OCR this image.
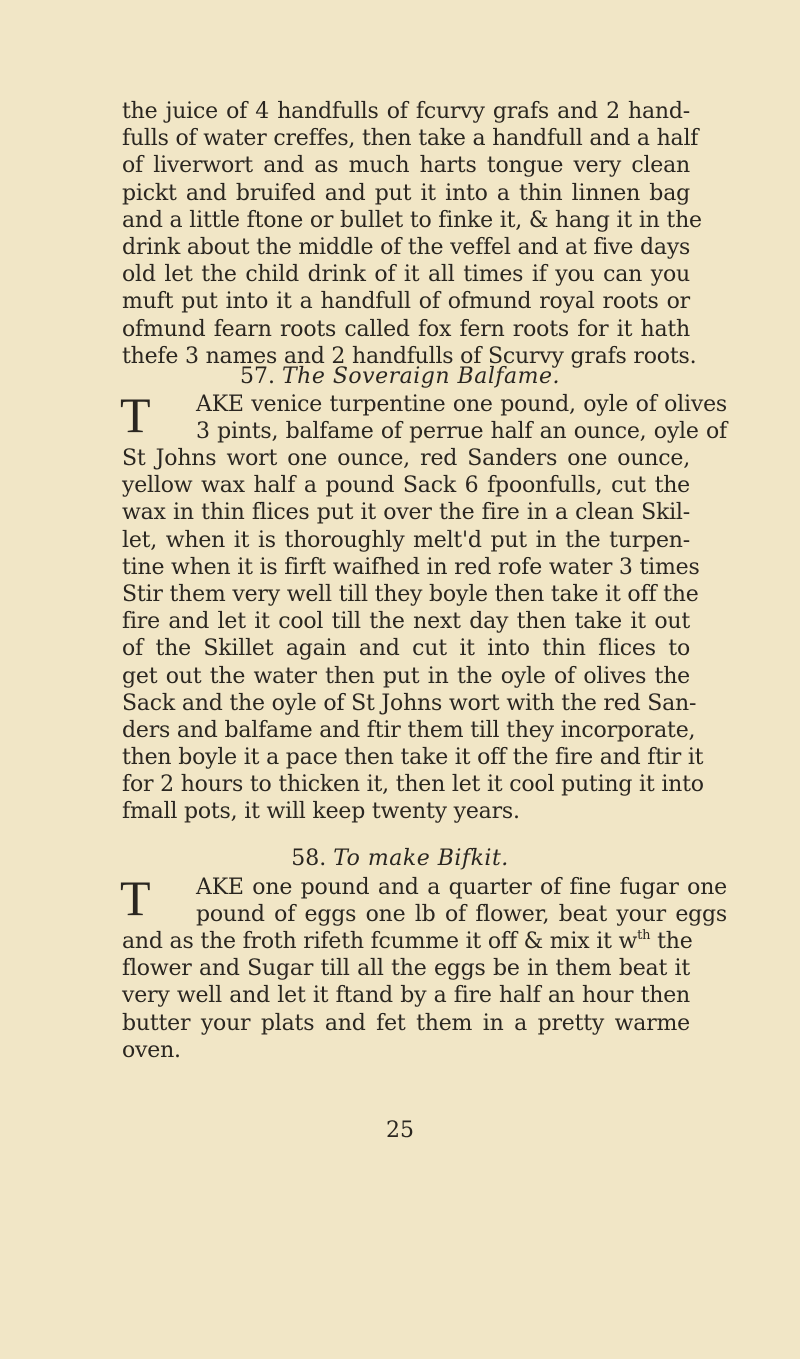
the juice of 4 handfulls of fcurvy grafs and 2 hand-
fulls of water creffes, then take a handfull and a half
of liverwort and as much harts tongue very clean
pickt and bruifed and put it into a thin linnen bag
and a little ftone or bullet to finke it, & hang it in the
drink about the middle of the veffel and at five days
old let the child drink of it all times if you can you
muft put into it a handfull of ofmund royal roots or
ofmund fearn roots called fox fern roots for it hath
thefe 3 names and 2 handfulls of Scurvy grafs roots.
57. The Soveraign Balfame.
T AKE venice turpentine one pound, oyle of olives
3 pints, balfame of perrue half an ounce, oyle of
St Johns wort one ounce, red Sanders one ounce,
yellow wax half a pound Sack 6 fpoonfulls, cut the
wax in thin flices put it over the fire in a clean Skil-
let, when it is thoroughly melt'd put in the turpen-
tine when it is firft waifhed in red rofe water 3 times
Stir them very well till they boyle then take it off the
fire and let it cool till the next day then take it out
of the Skillet again and cut it into thin flices to
get out the water then put in the oyle of olives the
Sack and the oyle of St Johns wort with the red San-
ders and balfame and ftir them till they incorporate,
then boyle it a pace then take it off the fire and ftir it
for 2 hours to thicken it, then let it cool puting it into
fmall pots, it will keep twenty years.
58. To make Bifkit.
T AKE one pound and a quarter of fine fugar one
pound of eggs one lb of flower, beat your eggs
and as the froth rifeth fcumme it off & mix it $w^{th}$ the
flower and Sugar till all the eggs be in them beat it
very well and let it ftand by a fire half an hour then
butter your plats and fet them in a pretty warme
oven.
25
